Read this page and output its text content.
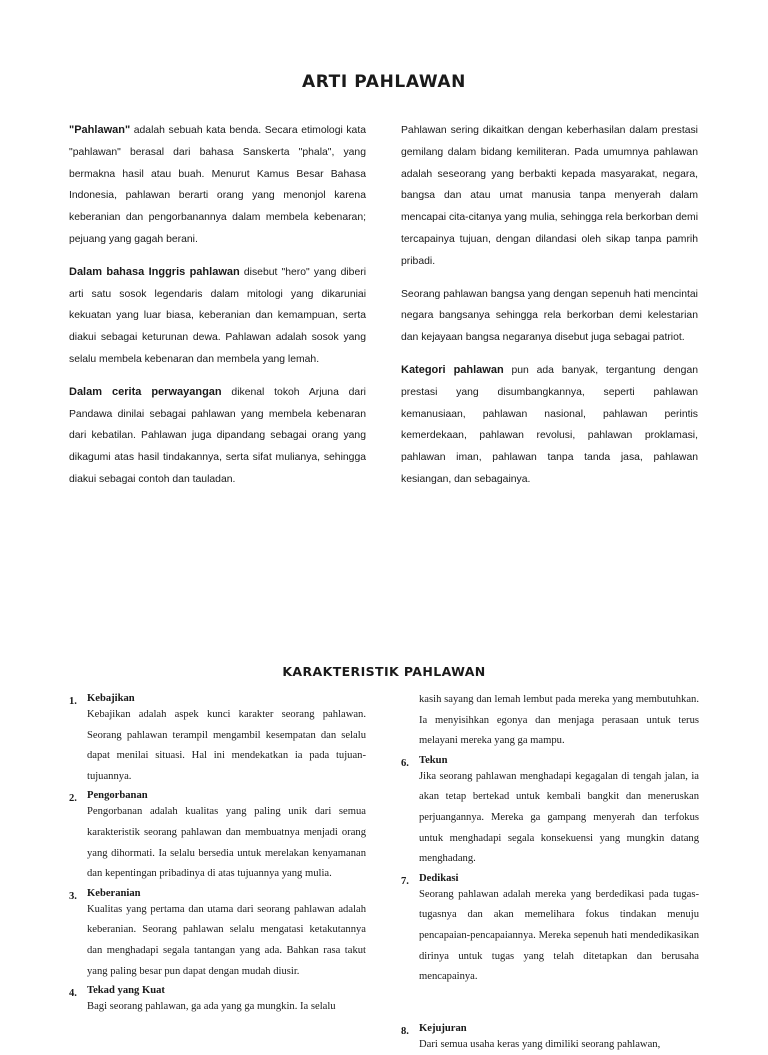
ARTI PAHLAWAN

"Pahlawan" adalah sebuah kata benda. Secara etimologi kata "pahlawan" berasal dari bahasa Sanskerta "phala", yang bermakna hasil atau buah. Menurut Kamus Besar Bahasa Indonesia, pahlawan berarti orang yang menonjol karena keberanian dan pengorbanannya dalam membela kebenaran; pejuang yang gagah berani.

Dalam bahasa Inggris pahlawan disebut "hero" yang diberi arti satu sosok legendaris dalam mitologi yang dikaruniai kekuatan yang luar biasa, keberanian dan kemampuan, serta diakui sebagai keturunan dewa. Pahlawan adalah sosok yang selalu membela kebenaran dan membela yang lemah.

Dalam cerita perwayangan dikenal tokoh Arjuna dari Pandawa dinilai sebagai pahlawan yang membela kebenaran dari kebatilan. Pahlawan juga dipandang sebagai orang yang dikagumi atas hasil tindakannya, serta sifat mulianya, sehingga diakui sebagai contoh dan tauladan.

Pahlawan sering dikaitkan dengan keberhasilan dalam prestasi gemilang dalam bidang kemiliteran. Pada umumnya pahlawan adalah seseorang yang berbakti kepada masyarakat, negara, bangsa dan atau umat manusia tanpa menyerah dalam mencapai cita-citanya yang mulia, sehingga rela berkorban demi tercapainya tujuan, dengan dilandasi oleh sikap tanpa pamrih pribadi.

Seorang pahlawan bangsa yang dengan sepenuh hati mencintai negara bangsanya sehingga rela berkorban demi kelestarian dan kejayaan bangsa negaranya disebut juga sebagai patriot.

Kategori pahlawan pun ada banyak, tergantung dengan prestasi yang disumbangkannya, seperti pahlawan kemanusiaan, pahlawan nasional, pahlawan perintis kemerdekaan, pahlawan revolusi, pahlawan proklamasi, pahlawan iman, pahlawan tanpa tanda jasa, pahlawan kesiangan, dan sebagainya.

KARAKTERISTIK PAHLAWAN
1. Kebajikan
Kebajikan adalah aspek kunci karakter seorang pahlawan. Seorang pahlawan terampil mengambil kesempatan dan selalu dapat menilai situasi. Hal ini mendekatkan ia pada tujuan-tujuannya.
2. Pengorbanan
Pengorbanan adalah kualitas yang paling unik dari semua karakteristik seorang pahlawan dan membuatnya menjadi orang yang dihormati. Ia selalu bersedia untuk merelakan kenyamanan dan kepentingan pribadinya di atas tujuannya yang mulia.
3. Keberanian
Kualitas yang pertama dan utama dari seorang pahlawan adalah keberanian. Seorang pahlawan selalu mengatasi ketakutannya dan menghadapi segala tantangan yang ada. Bahkan rasa takut yang paling besar pun dapat dengan mudah diusir.
4. Tekad yang Kuat
Bagi seorang pahlawan, ga ada yang ga mungkin. Ia selalu
kasih sayang dan lemah lembut pada mereka yang membutuhkan. Ia menyisihkan egonya dan menjaga perasaan untuk terus melayani mereka yang ga mampu.
6. Tekun
Jika seorang pahlawan menghadapi kegagalan di tengah jalan, ia akan tetap bertekad untuk kembali bangkit dan meneruskan perjuangannya. Mereka ga gampang menyerah dan terfokus untuk menghadapi segala konsekuensi yang mungkin datang menghadang.
7. Dedikasi
Seorang pahlawan adalah mereka yang berdedikasi pada tugas-tugasnya dan akan memelihara fokus tindakan menuju pencapaian-pencapaiannya. Mereka sepenuh hati mendedikasikan dirinya untuk tugas yang telah ditetapkan dan berusaha mencapainya.
8. Kejujuran
Dari semua usaha keras yang dimiliki seorang pahlawan,
